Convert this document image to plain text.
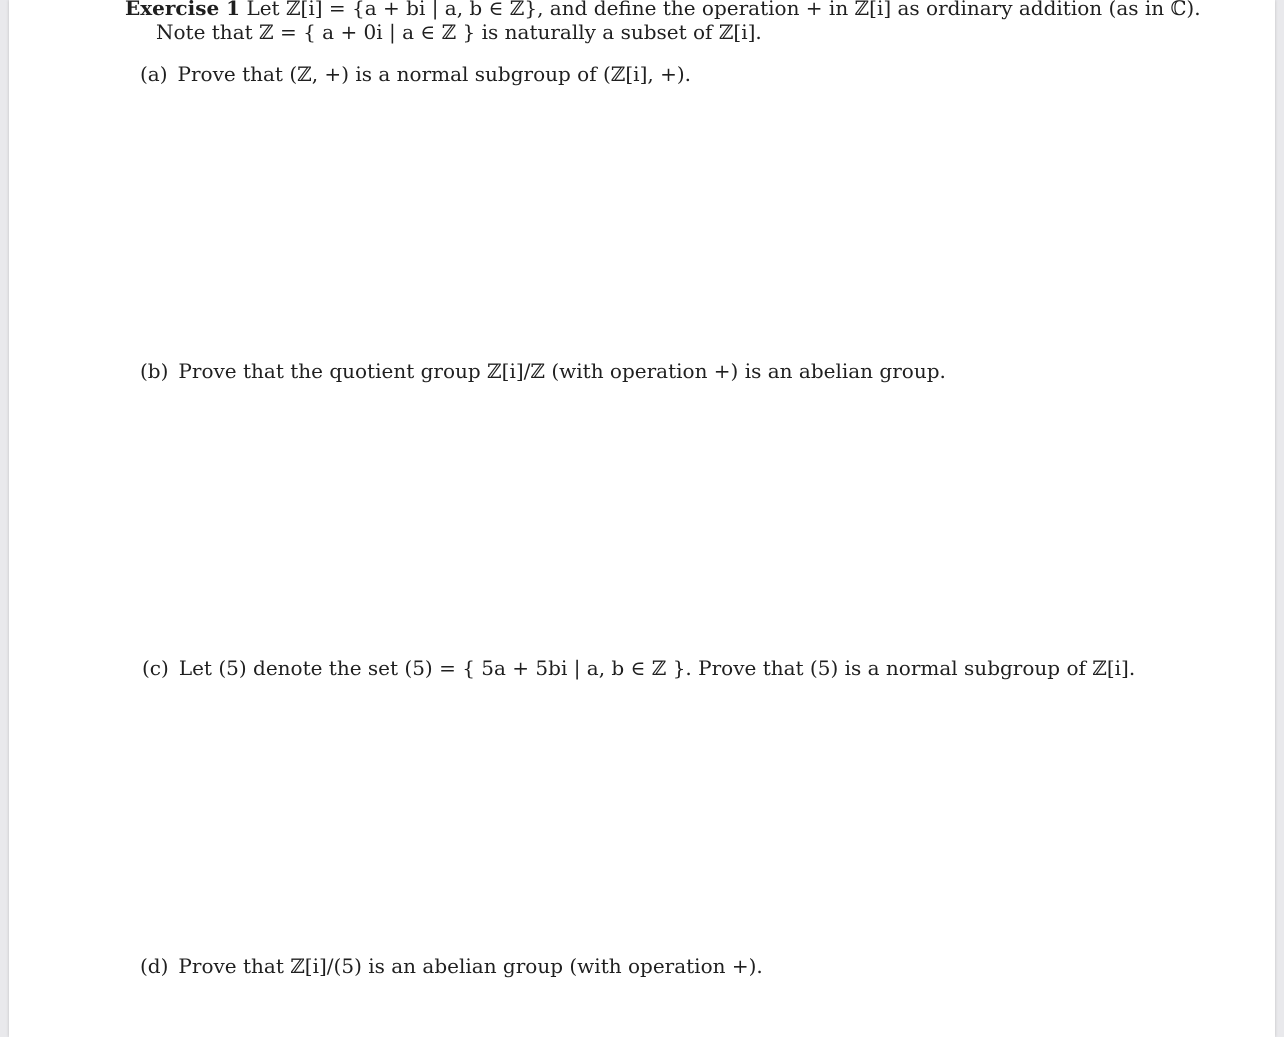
Exercise 1 Let ℤ[i] = {a + bi | a, b ∈ ℤ}, and define the operation + in ℤ[i] as ordinary addition (as in ℂ).
Note that ℤ = { a + 0i | a ∈ ℤ } is naturally a subset of ℤ[i].
(a) Prove that (ℤ, +) is a normal subgroup of (ℤ[i], +).
(b) Prove that the quotient group ℤ[i]/ℤ (with operation +) is an abelian group.
(c) Let (5) denote the set (5) = { 5a + 5bi | a, b ∈ ℤ }. Prove that (5) is a normal subgroup of ℤ[i].
(d) Prove that ℤ[i]/(5) is an abelian group (with operation +).
